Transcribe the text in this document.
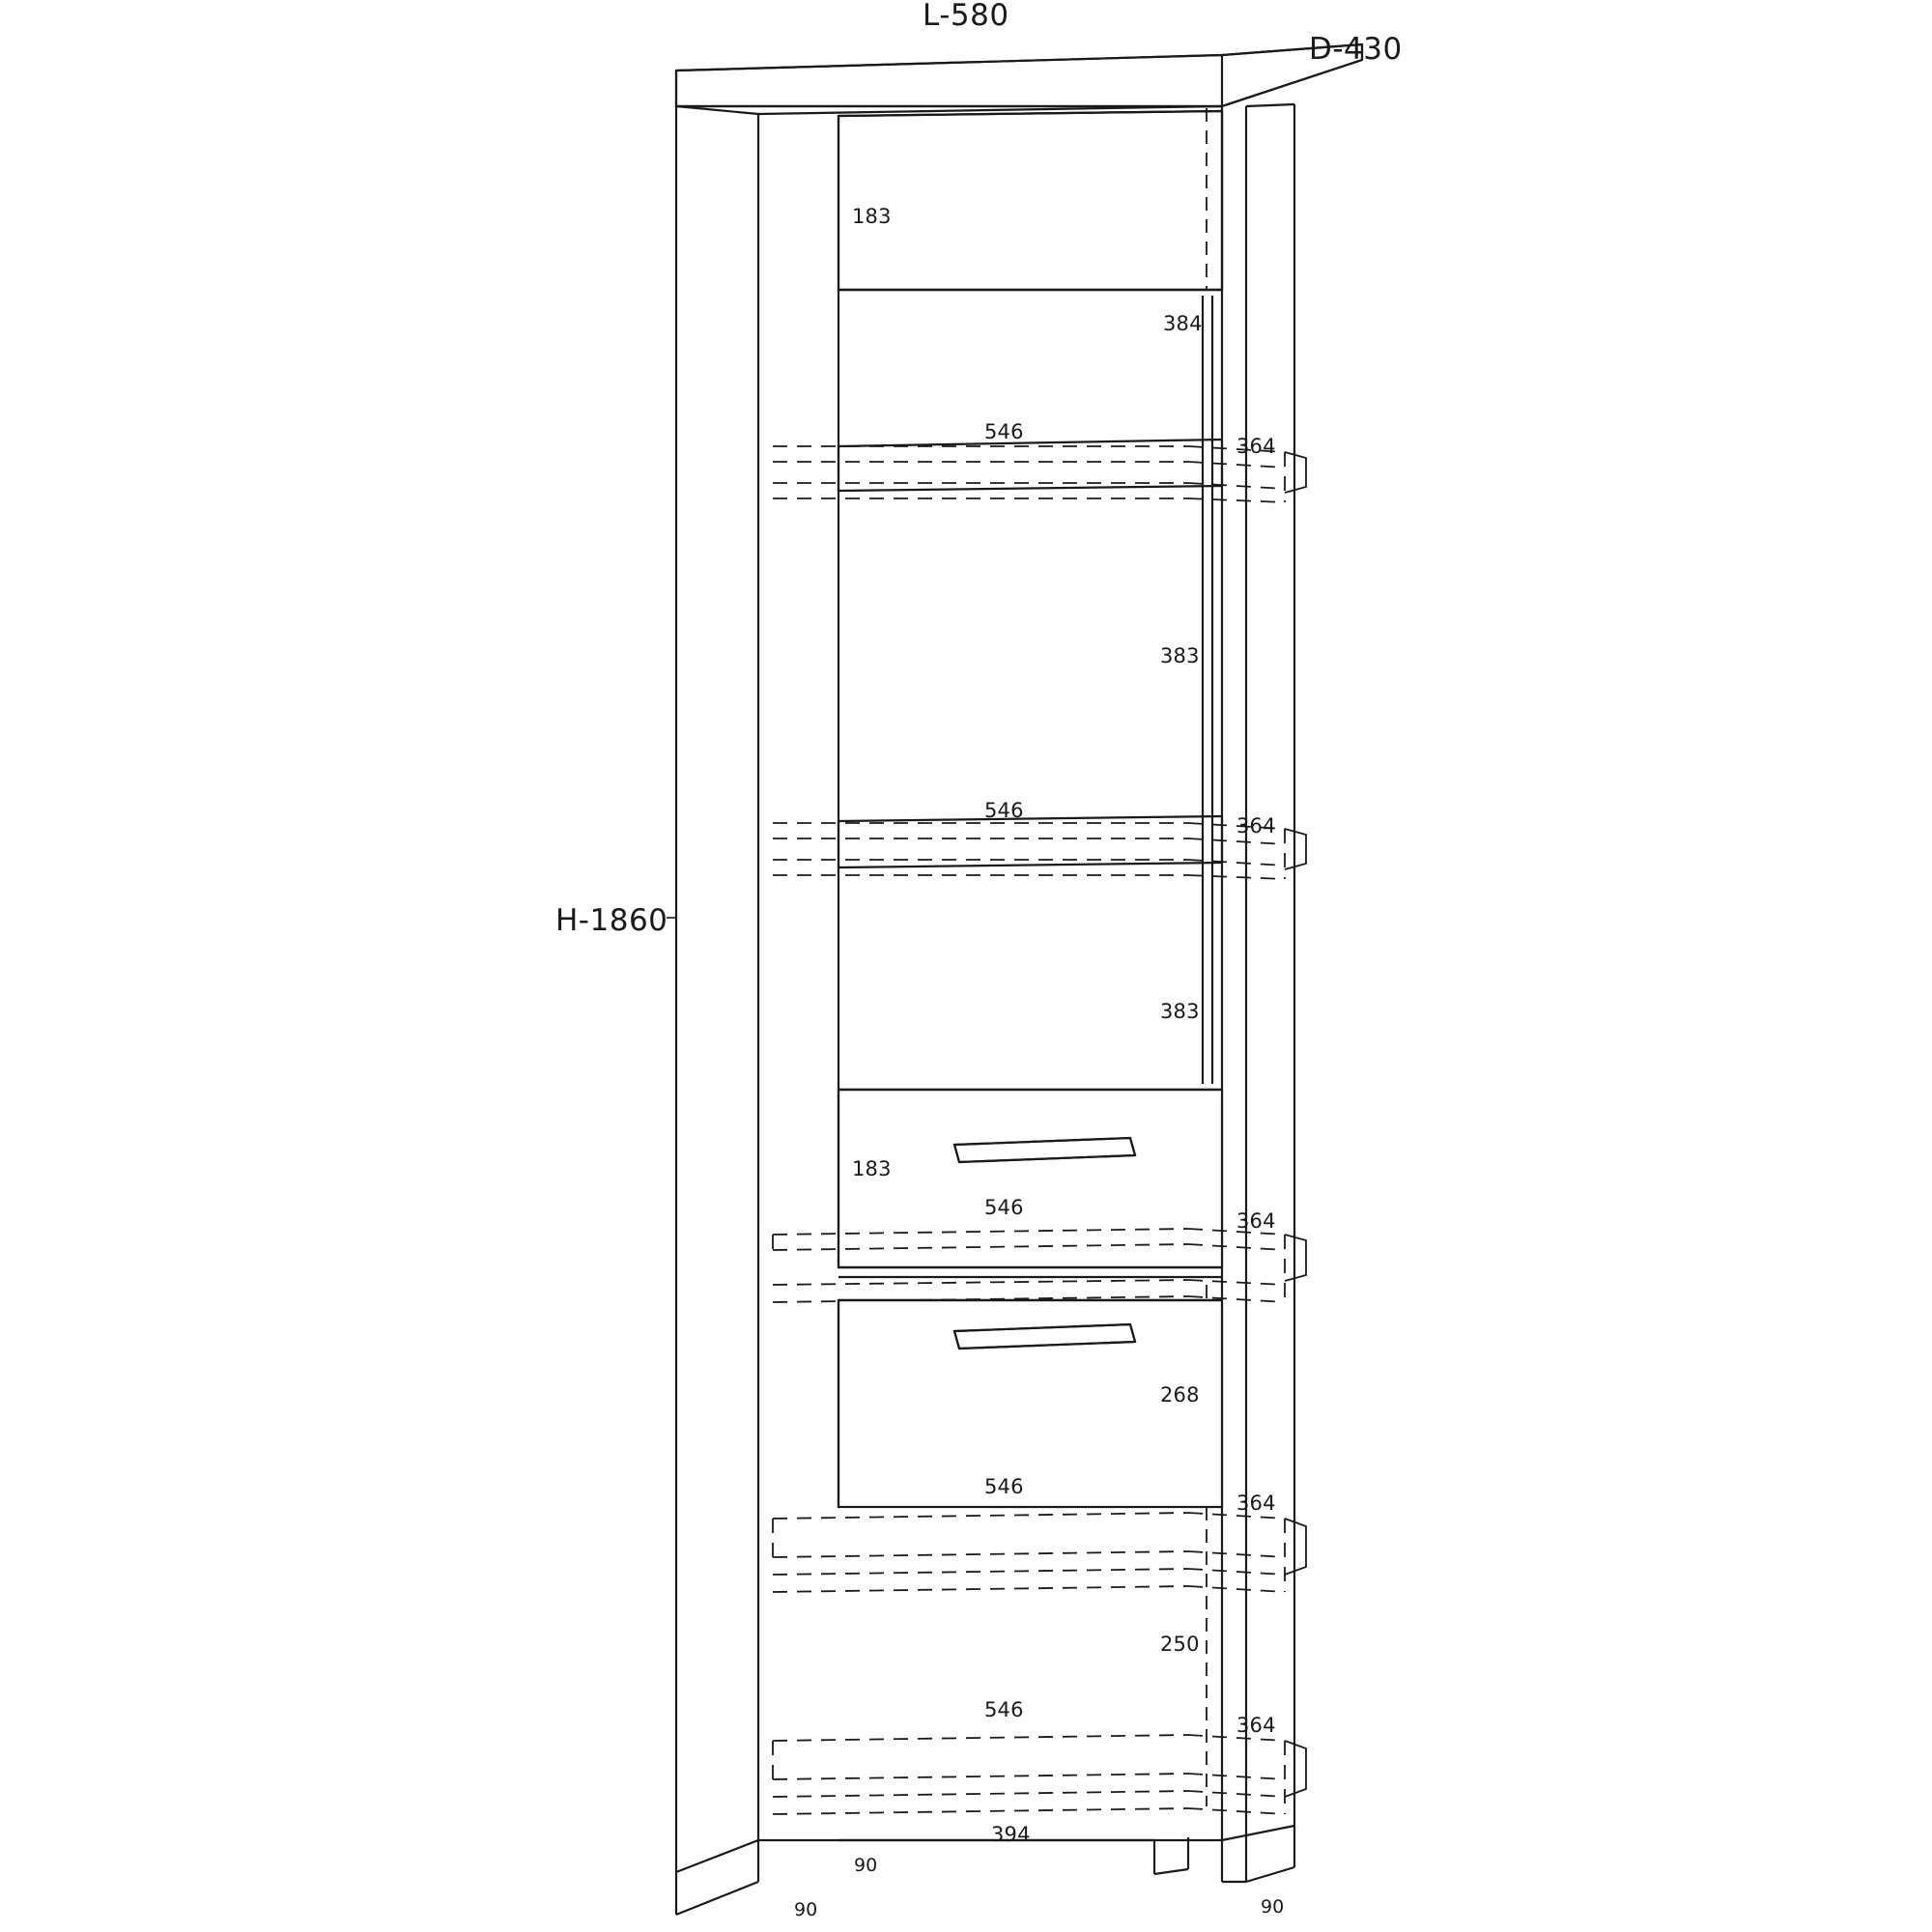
L-580
D-430
H-1860
183
384
546
364
383
546
364
383
183
546
364
268
546
364
250
546
364
394
90
90	90
